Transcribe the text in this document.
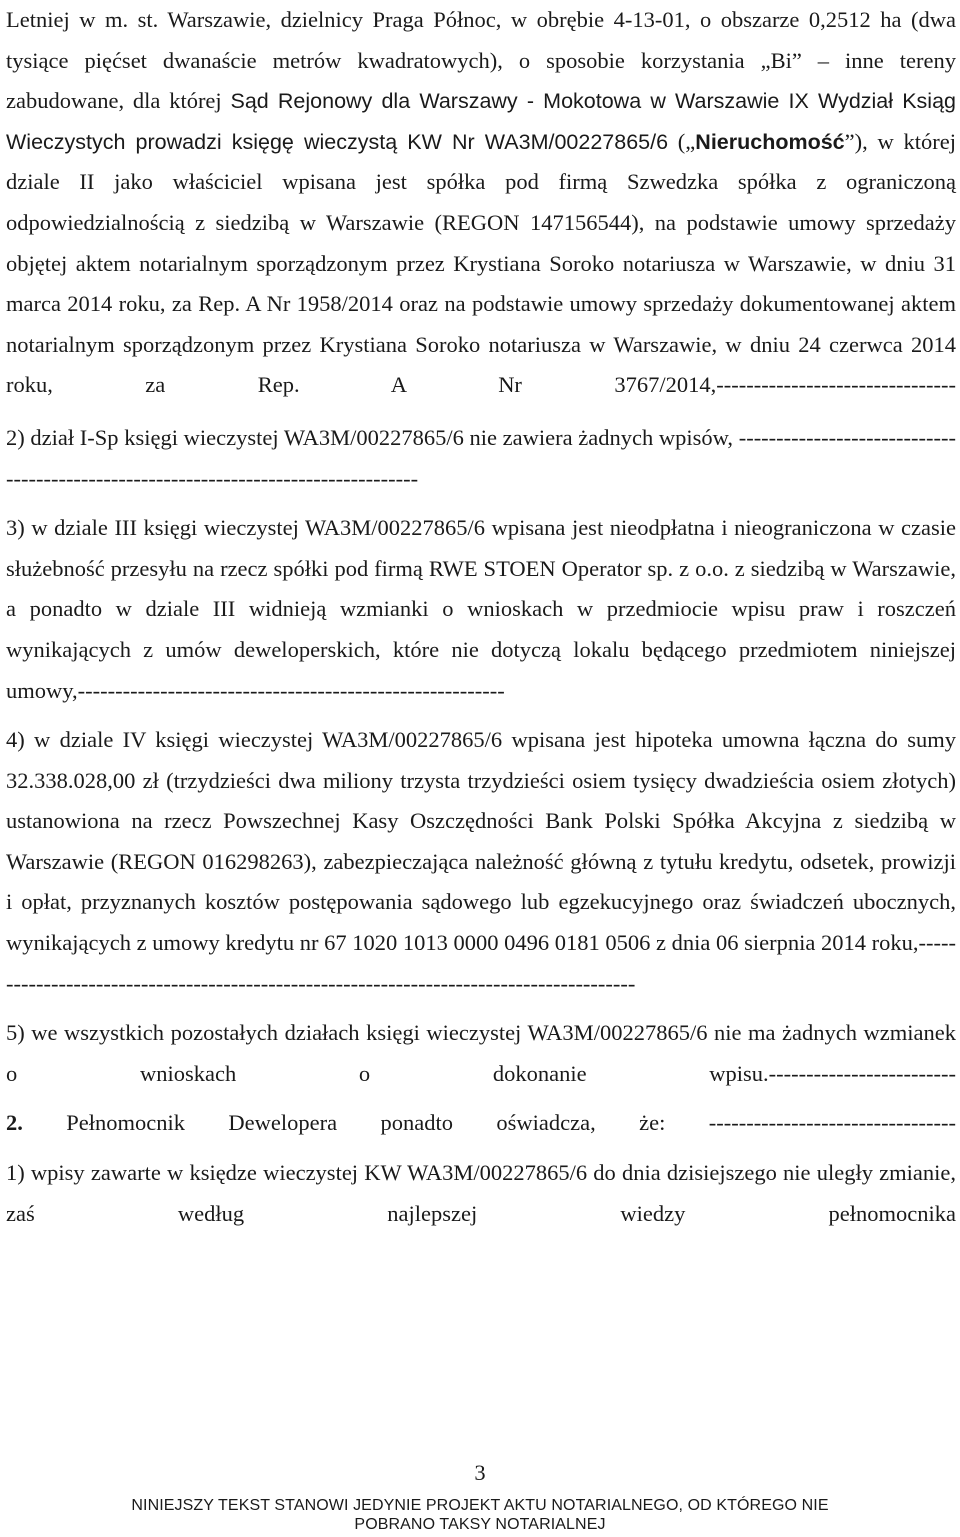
Letniej w m. st. Warszawie, dzielnicy Praga Północ, w obrębie 4-13-01, o obszarze 0,2512 ha (dwa tysiące pięćset dwanaście metrów kwadratowych), o sposobie korzystania „Bi” – inne tereny zabudowane, dla której Sąd Rejonowy dla Warszawy - Mokotowa w Warszawie IX Wydział Ksiąg Wieczystych prowadzi księgę wieczystą KW Nr WA3M/00227865/6 („Nieruchomość”), w której dziale II jako właściciel wpisana jest spółka pod firmą Szwedzka spółka z ograniczoną odpowiedzialnością z siedzibą w Warszawie (REGON 147156544), na podstawie umowy sprzedaży objętej aktem notarialnym sporządzonym przez Krystiana Soroko notariusza w Warszawie, w dniu 31 marca 2014 roku, za Rep. A Nr 1958/2014 oraz na podstawie umowy sprzedaży dokumentowanej aktem notarialnym sporządzonym przez Krystiana Soroko notariusza w Warszawie, w dniu 24 czerwca 2014 roku, za Rep. A Nr 3767/2014,--------------------------------

2) dział I-Sp księgi wieczystej WA3M/00227865/6 nie zawiera żadnych wpisów, ------------------------------------------------------------------------------------

3) w dziale III księgi wieczystej WA3M/00227865/6 wpisana jest nieodpłatna i nieograniczona w czasie służebność przesyłu na rzecz spółki pod firmą RWE STOEN Operator sp. z o.o. z siedzibą w Warszawie, a ponadto w dziale III widnieją wzmianki o wnioskach w przedmiocie wpisu praw i roszczeń wynikających z umów deweloperskich, które nie dotyczą lokalu będącego przedmiotem niniejszej umowy,---------------------------------------------------------

4) w dziale IV księgi wieczystej WA3M/00227865/6 wpisana jest hipoteka umowna łączna do sumy 32.338.028,00 zł (trzydzieści dwa miliony trzysta trzydzieści osiem tysięcy dwadzieścia osiem złotych) ustanowiona na rzecz Powszechnej Kasy Oszczędności Bank Polski Spółka Akcyjna z siedzibą w Warszawie (REGON 016298263), zabezpieczająca należność główną z tytułu kredytu, odsetek, prowizji i opłat, przyznanych kosztów postępowania sądowego lub egzekucyjnego oraz świadczeń ubocznych, wynikających z umowy kredytu nr 67 1020 1013 0000 0496 0181 0506 z dnia 06 sierpnia 2014 roku,-----------------------------------------------------------------------------------------

5) we wszystkich pozostałych działach księgi wieczystej WA3M/00227865/6 nie ma żadnych wzmianek o wnioskach o dokonanie wpisu.-------------------------

2. Pełnomocnik Dewelopera ponadto oświadcza, że: ---------------------------------

1) wpisy zawarte w księdze wieczystej KW WA3M/00227865/6 do dnia dzisiejszego nie uległy zmianie, zaś według najlepszej wiedzy pełnomocnika

3
NINIEJSZY TEKST STANOWI JEDYNIE PROJEKT AKTU NOTARIALNEGO, OD KTÓREGO NIE
POBRANO TAKSY NOTARIALNEJ
